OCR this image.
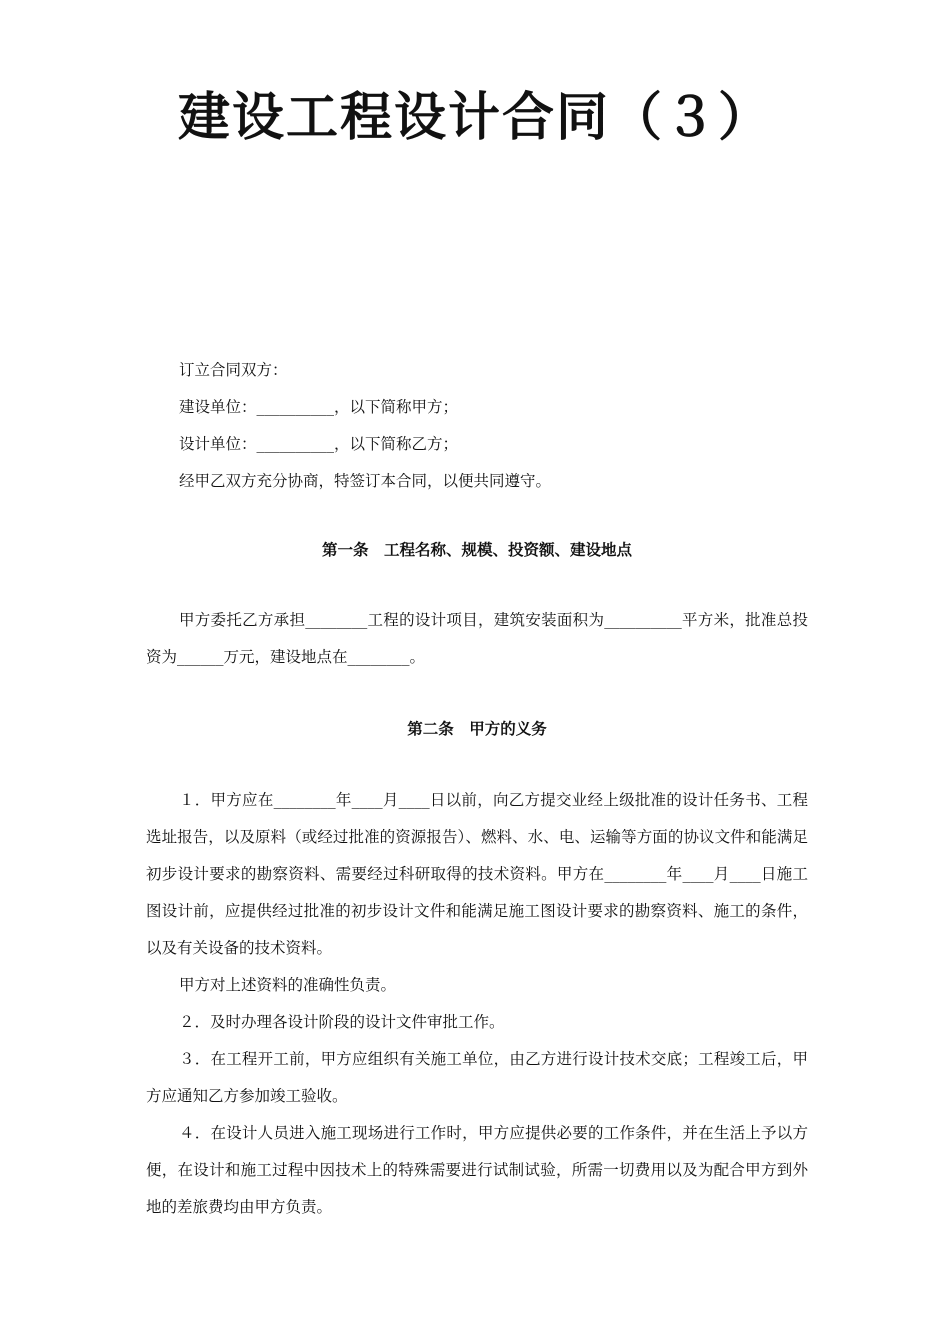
建设工程设计合同（３）

订立合同双方：

建设单位：__________，以下简称甲方；

设计单位：__________，以下简称乙方；

经甲乙双方充分协商，特签订本合同，以便共同遵守。

第一条　工程名称、规模、投资额、建设地点

甲方委托乙方承担________工程的设计项目，建筑安装面积为__________平方米，批准总投资为______万元，建设地点在________。

第二条　甲方的义务

１．甲方应在________年____月____日以前，向乙方提交业经上级批准的设计任务书、工程选址报告，以及原料（或经过批准的资源报告）、燃料、水、电、运输等方面的协议文件和能满足初步设计要求的勘察资料、需要经过科研取得的技术资料。甲方在________年____月____日施工图设计前，应提供经过批准的初步设计文件和能满足施工图设计要求的勘察资料、施工的条件，以及有关设备的技术资料。

甲方对上述资料的准确性负责。

２．及时办理各设计阶段的设计文件审批工作。

３．在工程开工前，甲方应组织有关施工单位，由乙方进行设计技术交底；工程竣工后，甲方应通知乙方参加竣工验收。

４．在设计人员进入施工现场进行工作时，甲方应提供必要的工作条件，并在生活上予以方便，在设计和施工过程中因技术上的特殊需要进行试制试验，所需一切费用以及为配合甲方到外地的差旅费均由甲方负责。
